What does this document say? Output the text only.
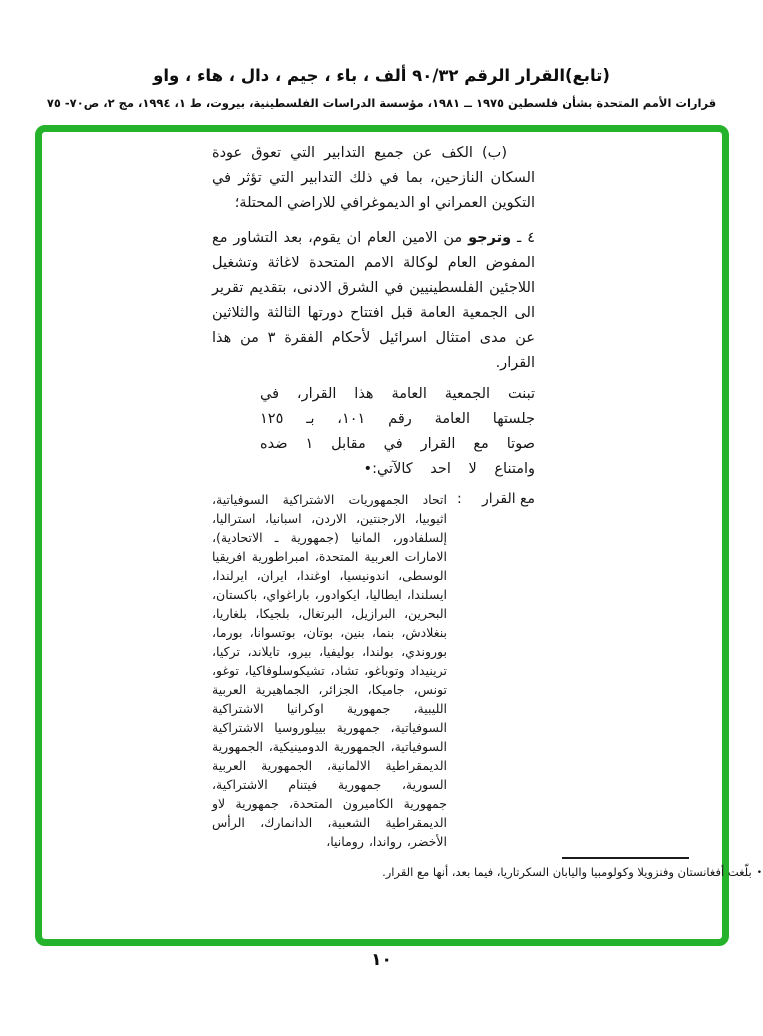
(تابع)القرار الرقم ٩٠/٣٢ ألف ، باء ، جيم ، دال ، هاء ، واو
قرارات الأمم المتحدة بشأن فلسطين ١٩٧٥ ــ ١٩٨١، مؤسسة الدراسات الفلسطينية، بيروت، ط ١، ١٩٩٤، مج ٢، ص٧٠- ٧٥

(ب) الكف عن جميع التدابير التي تعوق عودة السكان النازحين، بما في ذلك التدابير التي تؤثر في التكوين العمراني او الديموغرافي للاراضي المحتلة؛

٤ ـ وترجو من الامين العام ان يقوم، بعد التشاور مع المفوض العام لوكالة الامم المتحدة لاغاثة وتشغيل اللاجئين الفلسطينيين في الشرق الادنى، بتقديم تقرير الى الجمعية العامة قبل افتتاح دورتها الثالثة والثلاثين عن مدى امتثال اسرائيل لأحكام الفقرة ٣ من هذا القرار.

تبنت الجمعية العامة هذا القرار، في جلستها العامة رقم ١٠١، بـ ١٢٥ صوتا مع القرار في مقابل ١ ضده وامتناع لا احد كالآتي:•

مع القرار
:
اتحاد الجمهوريات الاشتراكية السوفياتية، اثيوبيا، الارجنتين، الاردن، اسبانيا، استراليا، إلسلفادور، المانيا (جمهورية ـ الاتحادية)، الامارات العربية المتحدة، امبراطورية افريقيا الوسطى، اندونيسيا، اوغندا، ايران، ايرلندا، ايسلندا، ايطاليا، ايكوادور، باراغواي، باكستان، البحرين، البرازيل، البرتغال، بلجيكا، بلغاريا، بنغلادش، بنما، بنين، بوتان، بوتسوانا، بورما، بوروندي، بولندا، بوليفيا، بيرو، تايلاند، تركيا، ترينيداد وتوباغو، تشاد، تشيكوسلوفاكيا، توغو، تونس، جاميكا، الجزائر، الجماهيرية العربية الليبية، جمهورية اوكرانيا الاشتراكية السوفياتية، جمهورية بييلوروسيا الاشتراكية السوفياتية، الجمهورية الدومينيكية، الجمهورية الديمقراطية الالمانية، الجمهورية العربية السورية، جمهورية فيتنام الاشتراكية، جمهورية الكاميرون المتحدة، جمهورية لاو الديمقراطية الشعبية، الدانمارك، الرأس الأخضر، رواندا، رومانيا،
•بلّغت أفغانستان وفنزويلا وكولومبيا واليابان السكرتاريا، فيما بعد، أنها مع القرار.
١٠
